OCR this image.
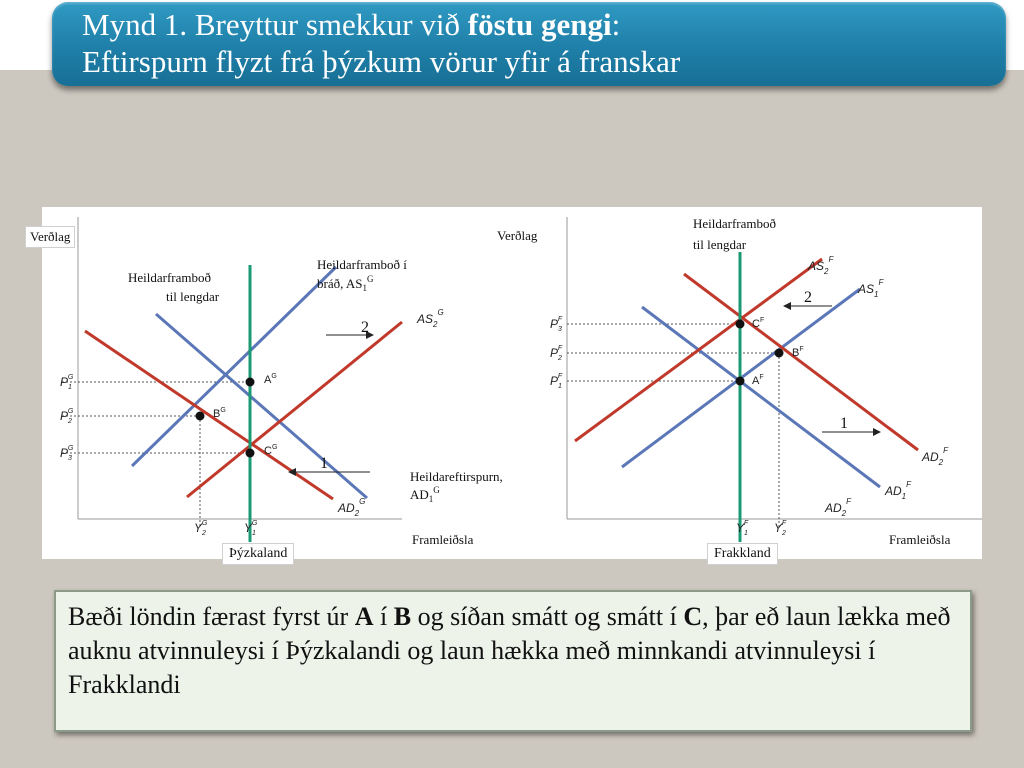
Mynd 1. Breyttur smekkur við föstu gengi:
Eftirspurn flyzt frá þýzkum vörur yfir á franskar
Heildarframboð
til lengdar
Heildarframboð í
bráð, $AS_1^G$
$AS_2^G$
$AD_2^G$
Heildareftirspurn,
$AD_1^G$
Framleiðsla
2
1
$A^G$
$B^G$
$C^G$
$P_1G$
$P_2G$
$P_3G$
$Y_2G$	$Y_1G$
Verðlag
Heildarframboð
til lengdar
$AS_2^F$
$AS_1^F$
$AD_2^F$
$AD_1^F$
$AD_2^F$
2
1
$C^F$
$B^F$
$A^F$
$P_3F$
$P_2F$
$P_1F$
$Y_1F$ $Y_2F$
Framleiðsla
Verðlag
Þýzkaland	Frakkland
Bæði löndin færast fyrst úr A í B og síðan smátt og smátt í C, þar eð laun lækka með auknu atvinnuleysi í Þýzkalandi og laun hækka með minnkandi atvinnuleysi í Frakklandi
